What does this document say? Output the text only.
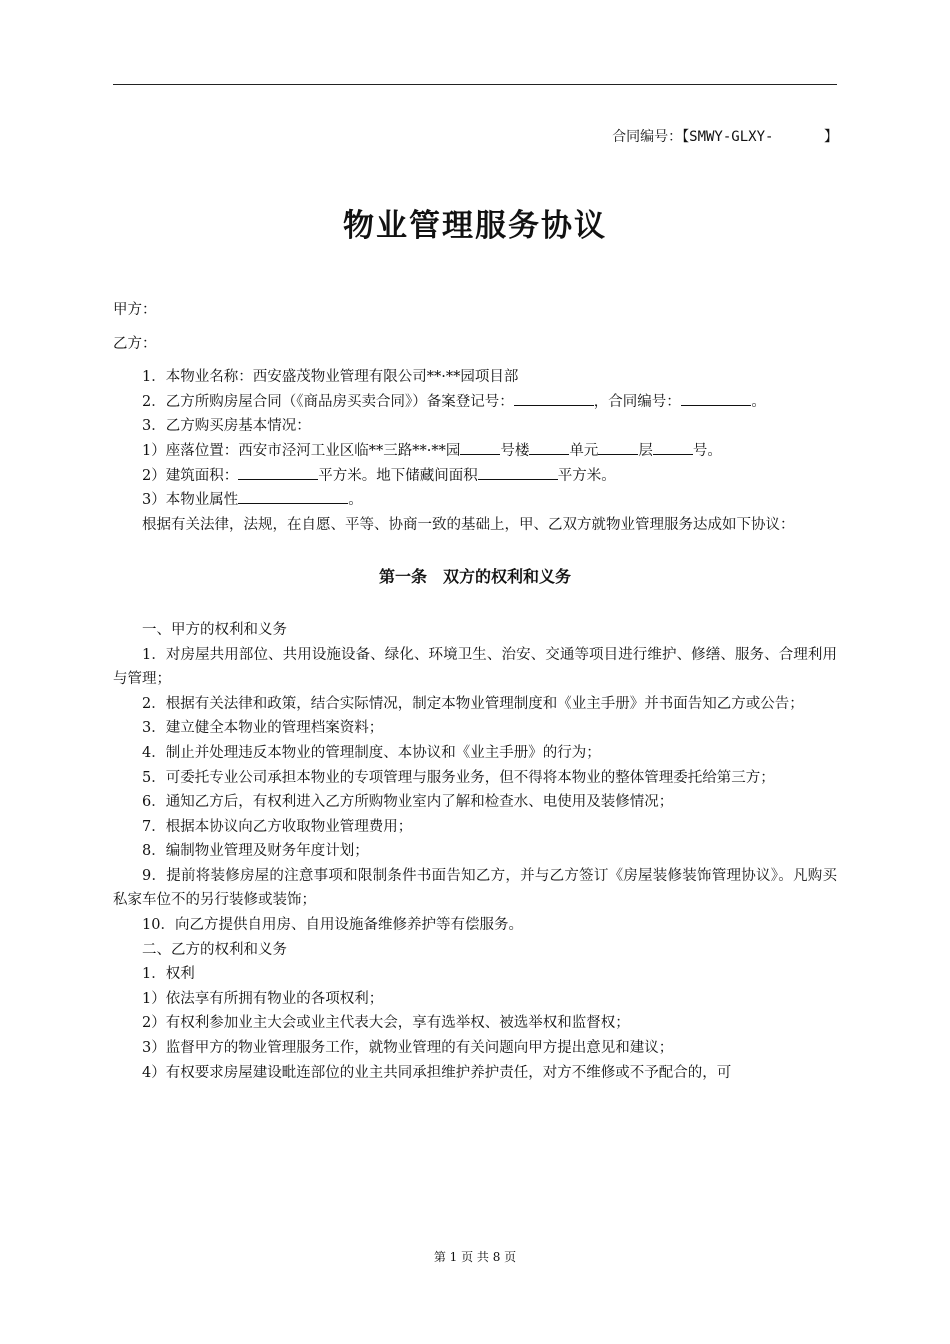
合同编号：【SMWY-GLXY-      】
物业管理服务协议

甲方：

乙方：

1．本物业名称：西安盛茂物业管理有限公司**·**园项目部

2．乙方所购房屋合同（《商品房买卖合同》）备案登记号：	，合同编号：	。

3．乙方购买房基本情况：

1）座落位置：西安市泾河工业区临**三路**·**园	号楼	单元	层	号。

2）建筑面积：	平方米。地下储藏间面积	平方米。

3）本物业属性	。

根据有关法律，法规，在自愿、平等、协商一致的基础上，甲、乙双方就物业管理服务达成如下协议：

第一条　双方的权利和义务

一、甲方的权利和义务

1．对房屋共用部位、共用设施设备、绿化、环境卫生、治安、交通等项目进行维护、修缮、服务、合理利用与管理；

2．根据有关法律和政策，结合实际情况，制定本物业管理制度和《业主手册》并书面告知乙方或公告；

3．建立健全本物业的管理档案资料；

4．制止并处理违反本物业的管理制度、本协议和《业主手册》的行为；

5．可委托专业公司承担本物业的专项管理与服务业务，但不得将本物业的整体管理委托给第三方；

6．通知乙方后，有权利进入乙方所购物业室内了解和检查水、电使用及装修情况；

7．根据本协议向乙方收取物业管理费用；

8．编制物业管理及财务年度计划；

9．提前将装修房屋的注意事项和限制条件书面告知乙方，并与乙方签订《房屋装修装饰管理协议》。凡购买私家车位不的另行装修或装饰；

10．向乙方提供自用房、自用设施备维修养护等有偿服务。

二、乙方的权利和义务

1．权利

1）依法享有所拥有物业的各项权利；

2）有权利参加业主大会或业主代表大会，享有选举权、被选举权和监督权；

3）监督甲方的物业管理服务工作，就物业管理的有关问题向甲方提出意见和建议；

4）有权要求房屋建设毗连部位的业主共同承担维护养护责任，对方不维修或不予配合的，可

第 1 页 共 8 页
